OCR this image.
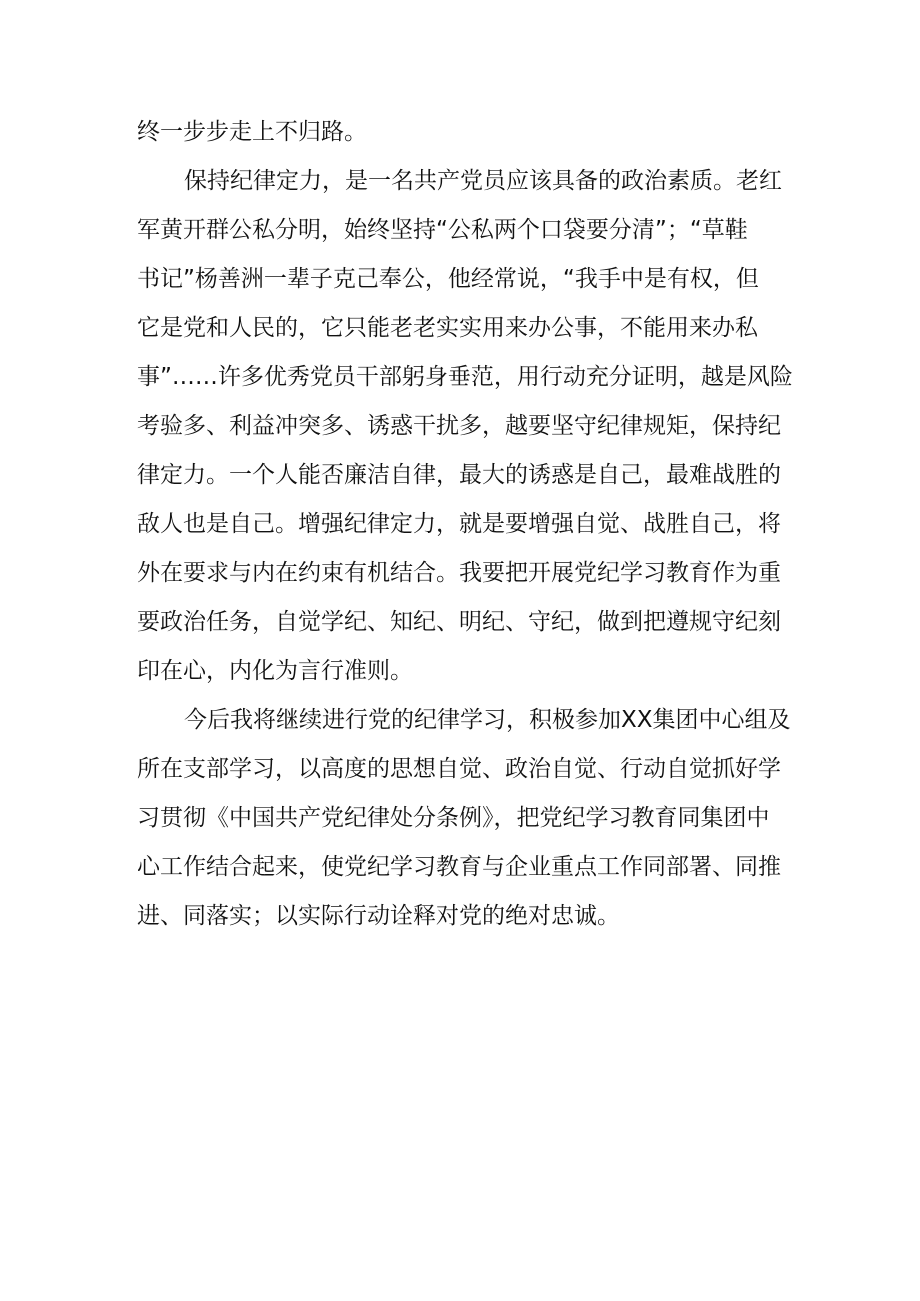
终一步步走上不归路。

保持纪律定力，是一名共产党员应该具备的政治素质。老红

军黄开群公私分明，始终坚持“公私两个口袋要分清”；“草鞋

书记”杨善洲一辈子克己奉公，他经常说，“我手中是有权，但

它是党和人民的，它只能老老实实用来办公事，不能用来办私

事”……许多优秀党员干部躬身垂范，用行动充分证明，越是风险

考验多、利益冲突多、诱惑干扰多，越要坚守纪律规矩，保持纪

律定力。一个人能否廉洁自律，最大的诱惑是自己，最难战胜的

敌人也是自己。增强纪律定力，就是要增强自觉、战胜自己，将

外在要求与内在约束有机结合。我要把开展党纪学习教育作为重

要政治任务，自觉学纪、知纪、明纪、守纪，做到把遵规守纪刻

印在心，内化为言行准则。

今后我将继续进行党的纪律学习，积极参加XX集团中心组及

所在支部学习，以高度的思想自觉、政治自觉、行动自觉抓好学

习贯彻《中国共产党纪律处分条例》，把党纪学习教育同集团中

心工作结合起来，使党纪学习教育与企业重点工作同部署、同推

进、同落实；以实际行动诠释对党的绝对忠诚。
